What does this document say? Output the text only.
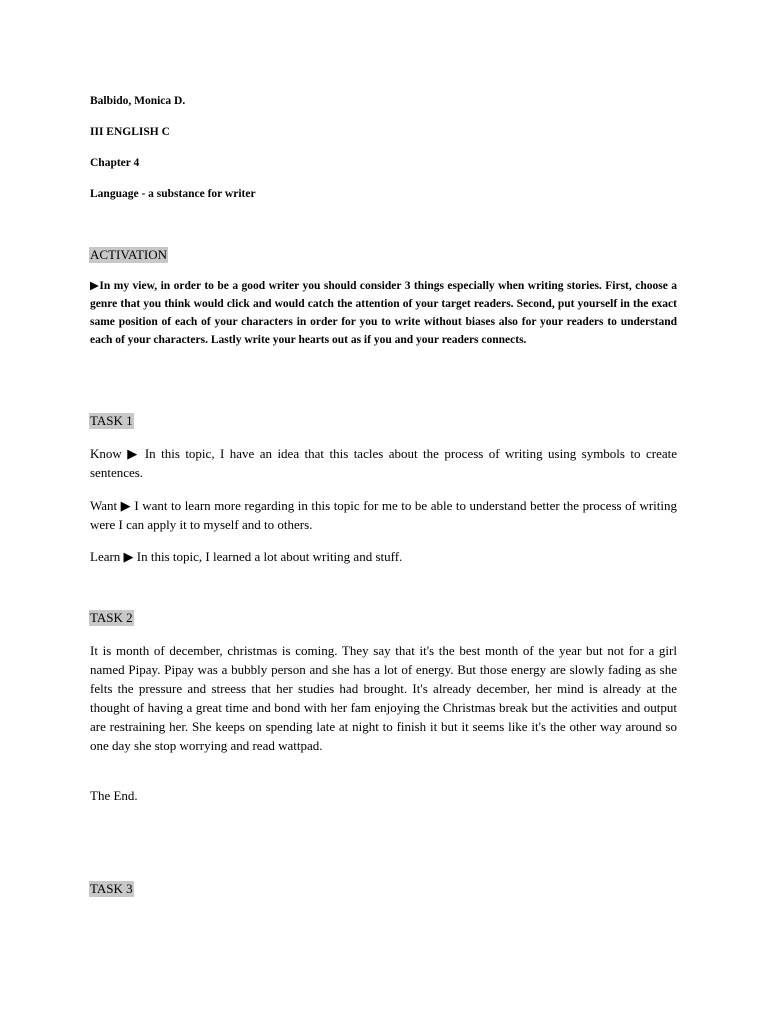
Balbido, Monica D.
III ENGLISH C
Chapter 4
Language - a substance for writer
ACTIVATION
▶In my view, in order to be a good writer you should consider 3 things especially when writing stories. First, choose a genre that you think would click and would catch the attention of your target readers. Second, put yourself in the exact same position of each of your characters in order for you to write without biases also for your readers to understand each of your characters. Lastly write your hearts out as if you and your readers connects.
TASK 1
Know ▶ In this topic, I have an idea that this tacles about the process of writing using symbols to create sentences.
Want ▶ I want to learn more regarding in this topic for me to be able to understand better the process of writing were I can apply it to myself and to others.
Learn ▶ In this topic, I learned a lot about writing and stuff.
TASK 2
It is month of december, christmas is coming. They say that it's the best month of the year but not for a girl named Pipay. Pipay was a bubbly person and she has a lot of energy. But those energy are slowly fading as she felts the pressure and streess that her studies had brought. It's already december, her mind is already at the thought of having a great time and bond with her fam enjoying the Christmas break but the activities and output are restraining her. She keeps on spending late at night to finish it but it seems like it's the other way around so one day she stop worrying and read wattpad.
The End.
TASK 3
